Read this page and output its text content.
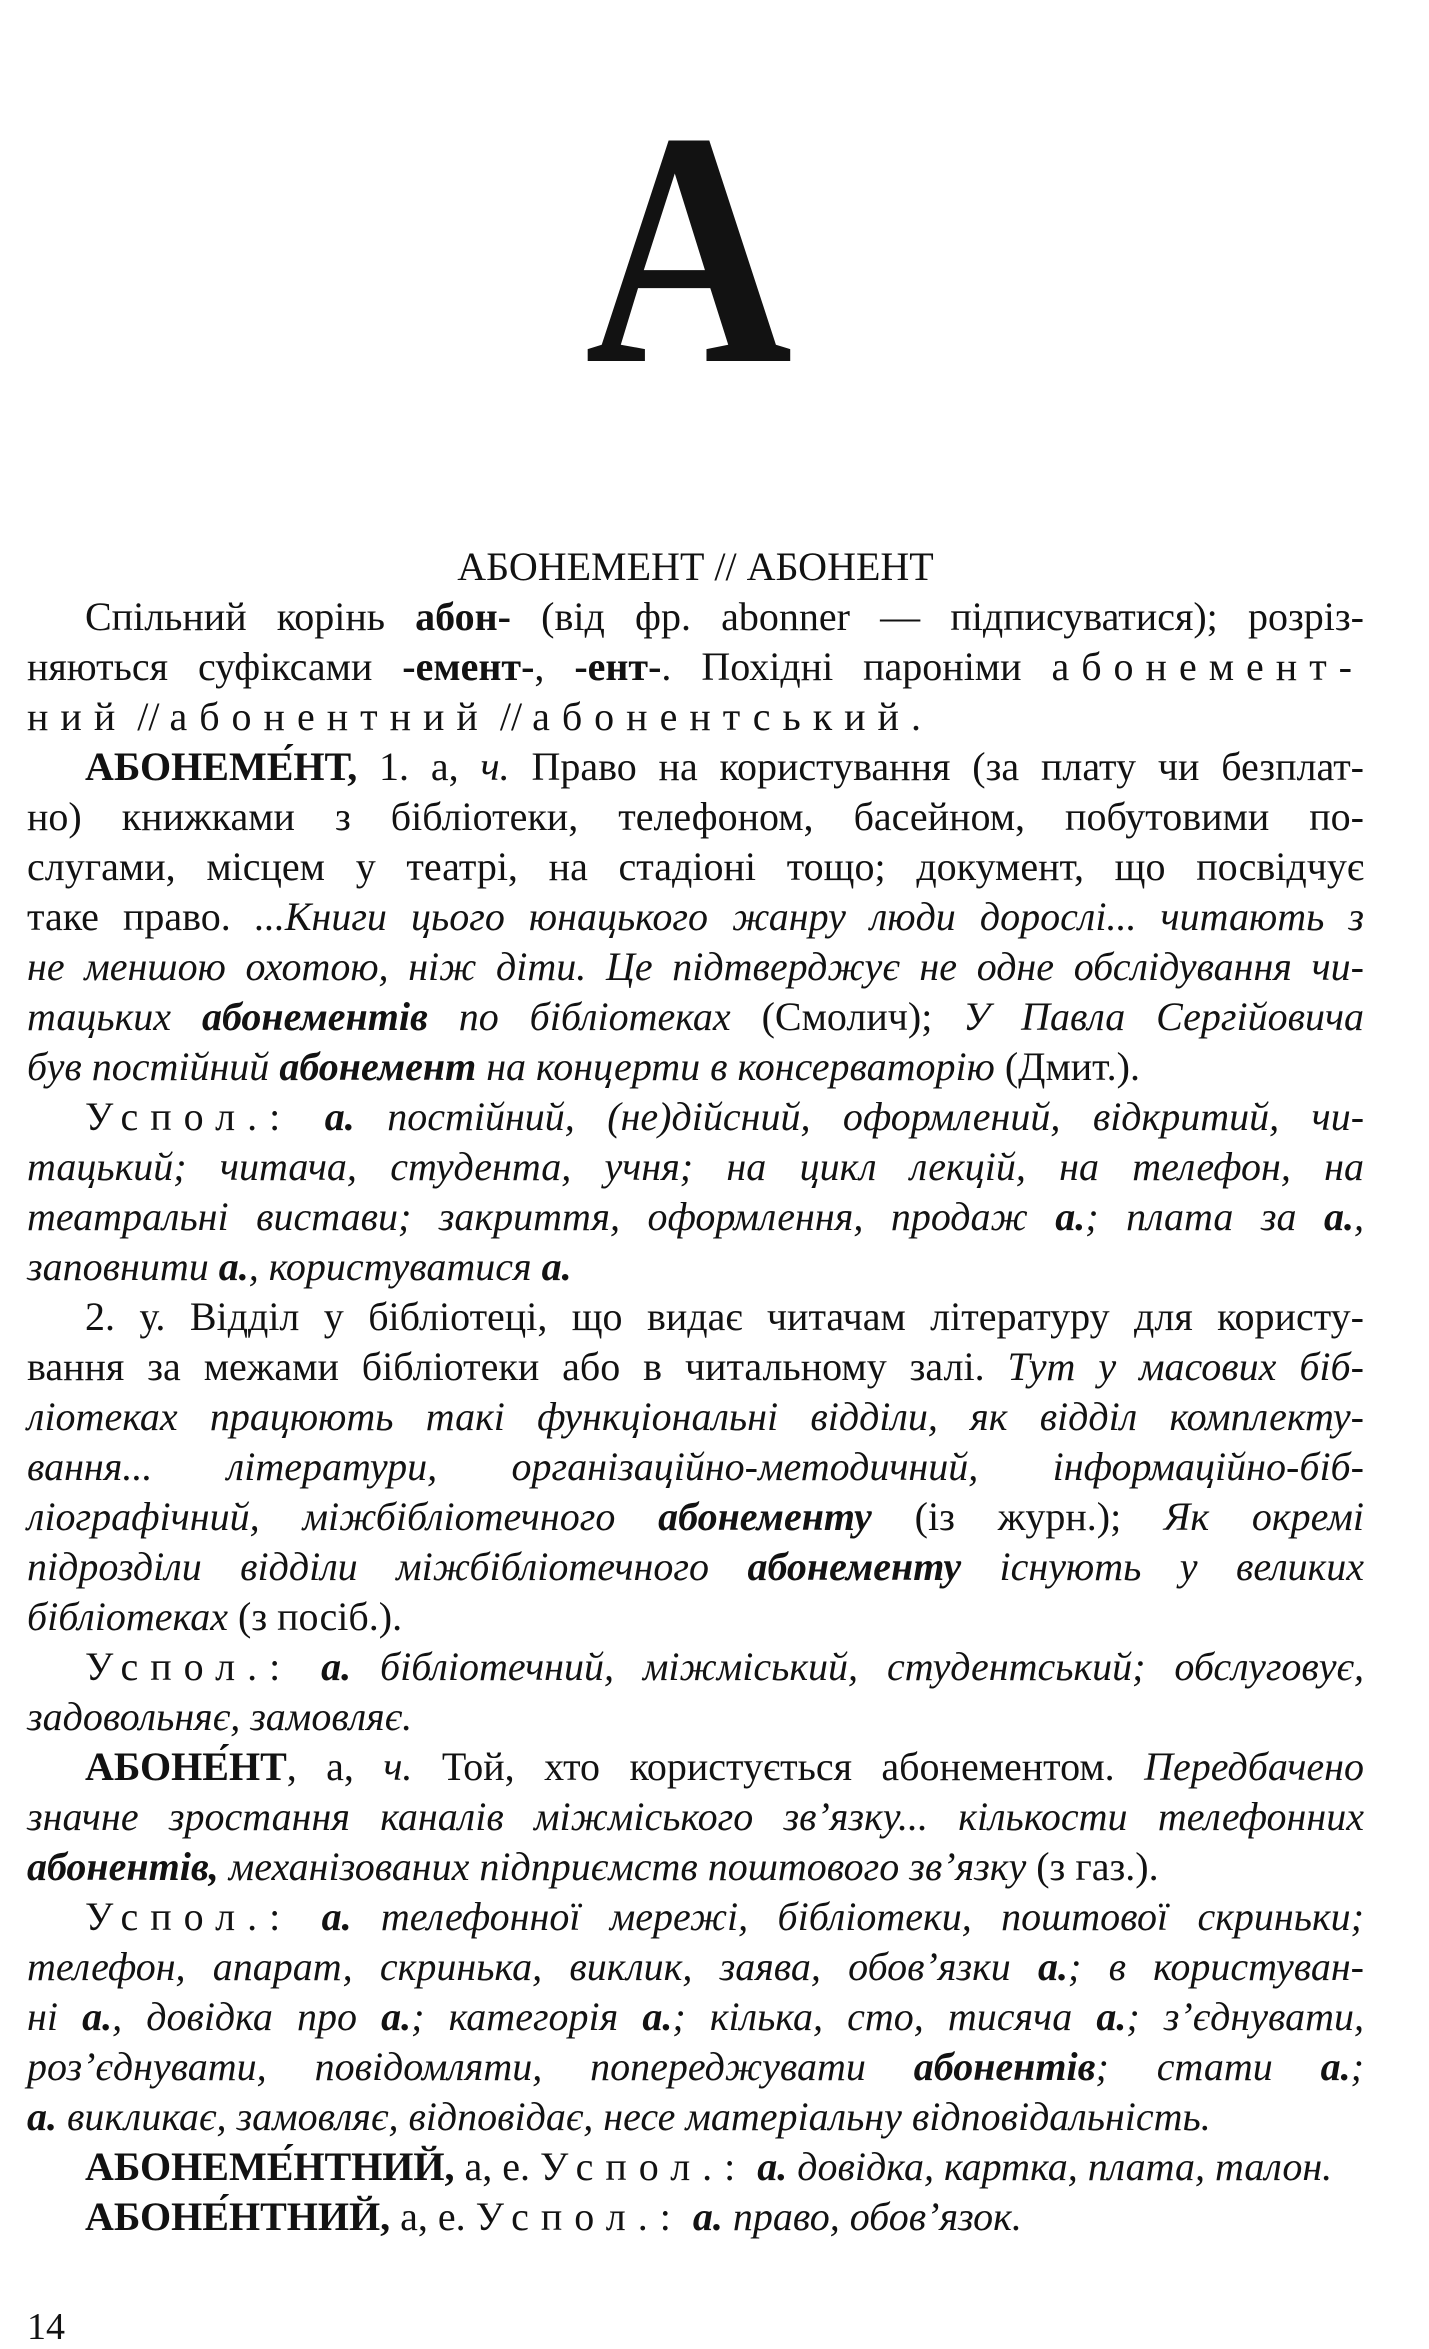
А
АБОНЕМЕНТ // АБОНЕНТ
Спільний корінь абон- (від фр. abonner — підписуватися); розріз-
няються суфіксами -емент-, -ент-. Похідні пароніми абонемент-
ний // абонентний // абонентський.
АБОНЕМЕ́НТ, 1. а, ч. Право на користування (за плату чи безплат-
но) книжками з бібліотеки, телефоном, басейном, побутовими по-
слугами, місцем у театрі, на стадіоні тощо; документ, що посвідчує
таке право. ...Книги цього юнацького жанру люди дорослі... читають з
не меншою охотою, ніж діти. Це підтверджує не одне обслідування чи-
тацьких абонементів по бібліотеках (Смолич); У Павла Сергійовича
був постійний абонемент на концерти в консерваторію (Дмит.).
Успол.: а. постійний, (не)дійсний, оформлений, відкритий, чи-
тацький; читача, студента, учня; на цикл лекцій, на телефон, на
театральні вистави; закриття, оформлення, продаж а.; плата за а.,
заповнити а., користуватися а.
2. у. Відділ у бібліотеці, що видає читачам літературу для користу-
вання за межами бібліотеки або в читальному залі. Тут у масових біб-
ліотеках працюють такі функціональні відділи, як відділ комплекту-
вання... літератури, організаційно-методичний, інформаційно-біб-
ліографічний, міжбібліотечного абонементу (із журн.); Як окремі
підрозділи відділи міжбібліотечного абонементу існують у великих
бібліотеках (з посіб.).
Успол.: а. бібліотечний, міжміський, студентський; обслуговує,
задовольняє, замовляє.
АБОНЕ́НТ, а, ч. Той, хто користується абонементом. Передбачено
значне зростання каналів міжміського зв’язку... кількости телефонних
абонентів, механізованих підприємств поштового зв’язку (з газ.).
Успол.: а. телефонної мережі, бібліотеки, поштової скриньки;
телефон, апарат, скринька, виклик, заява, обов’язки а.; в користуван-
ні а., довідка про а.; категорія а.; кілька, сто, тисяча а.; з’єднувати,
роз’єднувати, повідомляти, попереджувати абонентів; стати а.;
а. викликає, замовляє, відповідає, несе матеріальну відповідальність.
АБОНЕМЕ́НТНИЙ, а, е. Успол.: а. довідка, картка, плата, талон.
АБОНЕ́НТНИЙ, а, е. Успол.: а. право, обов’язок.
14
